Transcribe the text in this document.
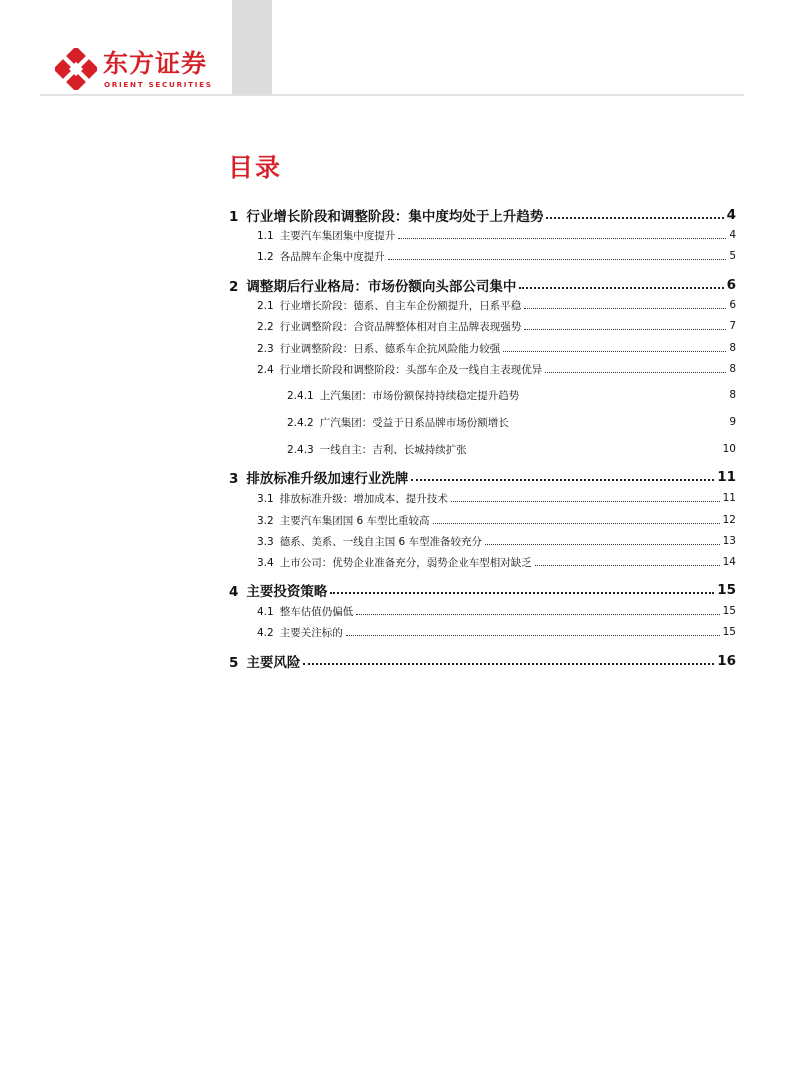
东方证券
ORIENT SECURITIES
目录
1 行业增长阶段和调整阶段：集中度均处于上升趋势	4
1.1 主要汽车集团集中度提升	4
1.2 各品牌车企集中度提升	5
2 调整期后行业格局：市场份额向头部公司集中	6
2.1 行业增长阶段：德系、自主车企份额提升，日系平稳	6
2.2 行业调整阶段：合资品牌整体相对自主品牌表现强势	7
2.3 行业调整阶段：日系、德系车企抗风险能力较强	8
2.4 行业增长阶段和调整阶段：头部车企及一线自主表现优异	8
2.4.1 上汽集团：市场份额保持持续稳定提升趋势	8
2.4.2 广汽集团：受益于日系品牌市场份额增长	9
2.4.3 一线自主：吉利、长城持续扩张	10
3 排放标准升级加速行业洗牌	11
3.1 排放标准升级：增加成本、提升技术	11
3.2 主要汽车集团国 6 车型比重较高	12
3.3 德系、美系、一线自主国 6 车型准备较充分	13
3.4 上市公司：优势企业准备充分，弱势企业车型相对缺乏	14
4 主要投资策略	15
4.1 整车估值仍偏低	15
4.2 主要关注标的	15
5 主要风险	16
